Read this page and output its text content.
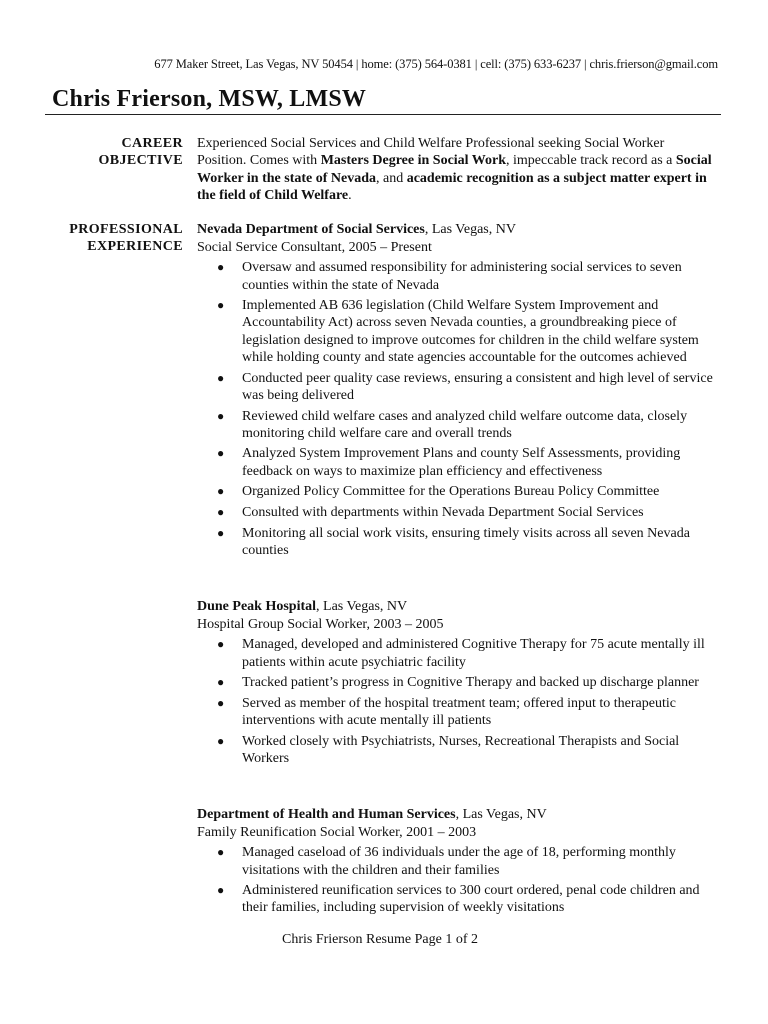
677 Maker Street, Las Vegas, NV 50454 | home: (375) 564-0381 | cell: (375) 633-6237 | chris.frierson@gmail.com
Chris Frierson, MSW, LMSW
CAREER
OBJECTIVE
Experienced Social Services and Child Welfare Professional seeking Social Worker Position. Comes with Masters Degree in Social Work, impeccable track record as a Social Worker in the state of Nevada, and academic recognition as a subject matter expert in the field of Child Welfare.
PROFESSIONAL
EXPERIENCE
Nevada Department of Social Services, Las Vegas, NV
Social Service Consultant, 2005 – Present
● Oversaw and assumed responsibility for administering social services to seven counties within the state of Nevada
● Implemented AB 636 legislation (Child Welfare System Improvement and Accountability Act) across seven Nevada counties, a groundbreaking piece of legislation designed to improve outcomes for children in the child welfare system while holding county and state agencies accountable for the outcomes achieved
● Conducted peer quality case reviews, ensuring a consistent and high level of service was being delivered
● Reviewed child welfare cases and analyzed child welfare outcome data, closely monitoring child welfare care and overall trends
● Analyzed System Improvement Plans and county Self Assessments, providing feedback on ways to maximize plan efficiency and effectiveness
● Organized Policy Committee for the Operations Bureau Policy Committee
● Consulted with departments within Nevada Department Social Services
● Monitoring all social work visits, ensuring timely visits across all seven Nevada counties
Dune Peak Hospital, Las Vegas, NV
Hospital Group Social Worker, 2003 – 2005
● Managed, developed and administered Cognitive Therapy for 75 acute mentally ill patients within acute psychiatric facility
● Tracked patient’s progress in Cognitive Therapy and backed up discharge planner
● Served as member of the hospital treatment team; offered input to therapeutic interventions with acute mentally ill patients
● Worked closely with Psychiatrists, Nurses, Recreational Therapists and Social Workers
Department of Health and Human Services, Las Vegas, NV
Family Reunification Social Worker, 2001 – 2003
● Managed caseload of 36 individuals under the age of 18, performing monthly visitations with the children and their families
● Administered reunification services to 300 court ordered, penal code children and their families, including supervision of weekly visitations
Chris Frierson Resume Page 1 of 2
